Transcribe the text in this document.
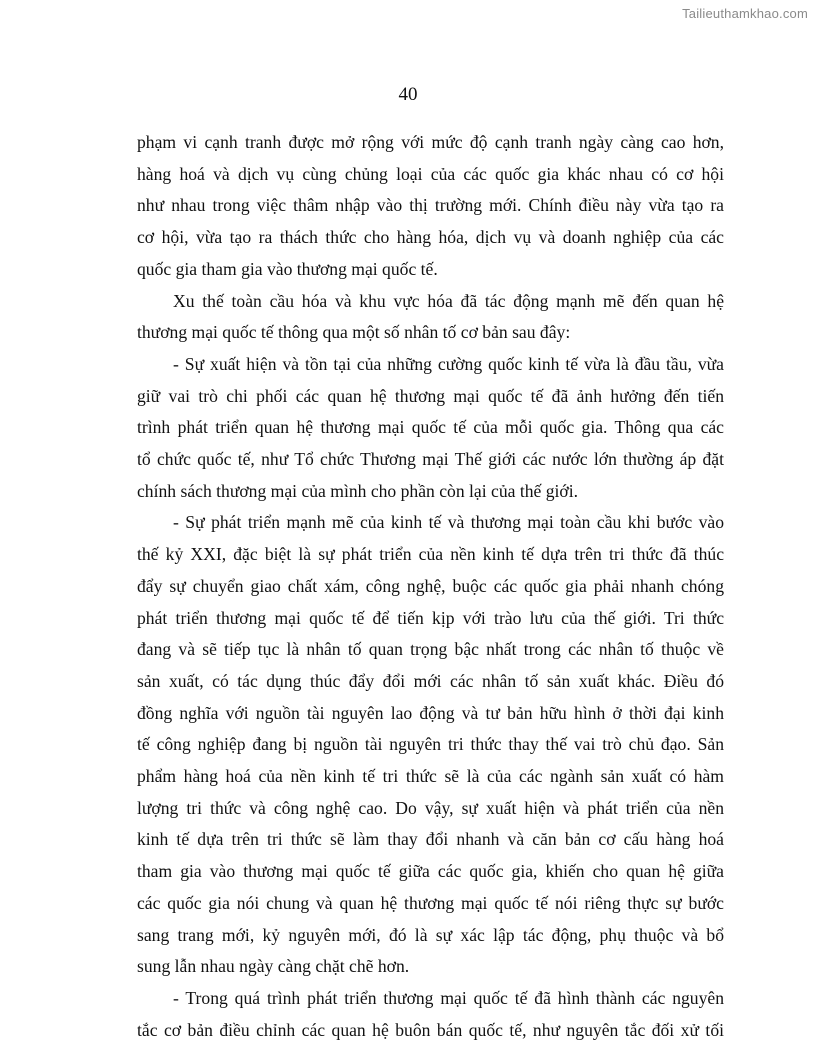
Tailieuthamkhao.com
40
phạm vi cạnh tranh được mở rộng với mức độ cạnh tranh ngày càng cao hơn,
hàng hoá và dịch vụ cùng chủng loại của các quốc gia khác nhau có cơ hội
như nhau trong việc thâm nhập vào thị trường mới. Chính điều này vừa tạo ra
cơ hội, vừa tạo ra thách thức cho hàng hóa, dịch vụ và doanh nghiệp của các
quốc gia tham gia vào thương mại quốc tế.
Xu thế toàn cầu hóa và khu vực hóa đã tác động mạnh mẽ đến quan hệ
thương mại quốc tế thông qua một số nhân tố cơ bản sau đây:
- Sự xuất hiện và tồn tại của những cường quốc kinh tế vừa là đầu tầu, vừa
giữ vai trò chi phối các quan hệ thương mại quốc tế đã ảnh hưởng đến tiến
trình phát triển quan hệ thương mại quốc tế của mỗi quốc gia. Thông qua các
tổ chức quốc tế, như Tổ chức Thương mại Thế giới các nước lớn thường áp đặt
chính sách thương mại của mình cho phần còn lại của thế giới.
- Sự phát triển mạnh mẽ của kinh tế và thương mại toàn cầu khi bước vào
thế kỷ XXI, đặc biệt là sự phát triển của nền kinh tế dựa trên tri thức đã thúc
đẩy sự chuyển giao chất xám, công nghệ, buộc các quốc gia phải nhanh chóng
phát triển thương mại quốc tế để tiến kịp với trào lưu của thế giới. Tri thức
đang và sẽ tiếp tục là nhân tố quan trọng bậc nhất trong các nhân tố thuộc về
sản xuất, có tác dụng thúc đẩy đổi mới các nhân tố sản xuất khác. Điều đó
đồng nghĩa với nguồn tài nguyên lao động và tư bản hữu hình ở thời đại kinh
tế công nghiệp đang bị nguồn tài nguyên tri thức thay thế vai trò chủ đạo. Sản
phẩm hàng hoá của nền kinh tế tri thức sẽ là của các ngành sản xuất có hàm
lượng tri thức và công nghệ cao. Do vậy, sự xuất hiện và phát triển của nền
kinh tế dựa trên tri thức sẽ làm thay đổi nhanh và căn bản cơ cấu hàng hoá
tham gia vào thương mại quốc tế giữa các quốc gia, khiến cho quan hệ giữa
các quốc gia nói chung và quan hệ thương mại quốc tế nói riêng thực sự bước
sang trang mới, kỷ nguyên mới, đó là sự xác lập tác động, phụ thuộc và bổ
sung lẫn nhau ngày càng chặt chẽ hơn.
- Trong quá trình phát triển thương mại quốc tế đã hình thành các nguyên
tắc cơ bản điều chỉnh các quan hệ buôn bán quốc tế, như nguyên tắc đối xử tối
